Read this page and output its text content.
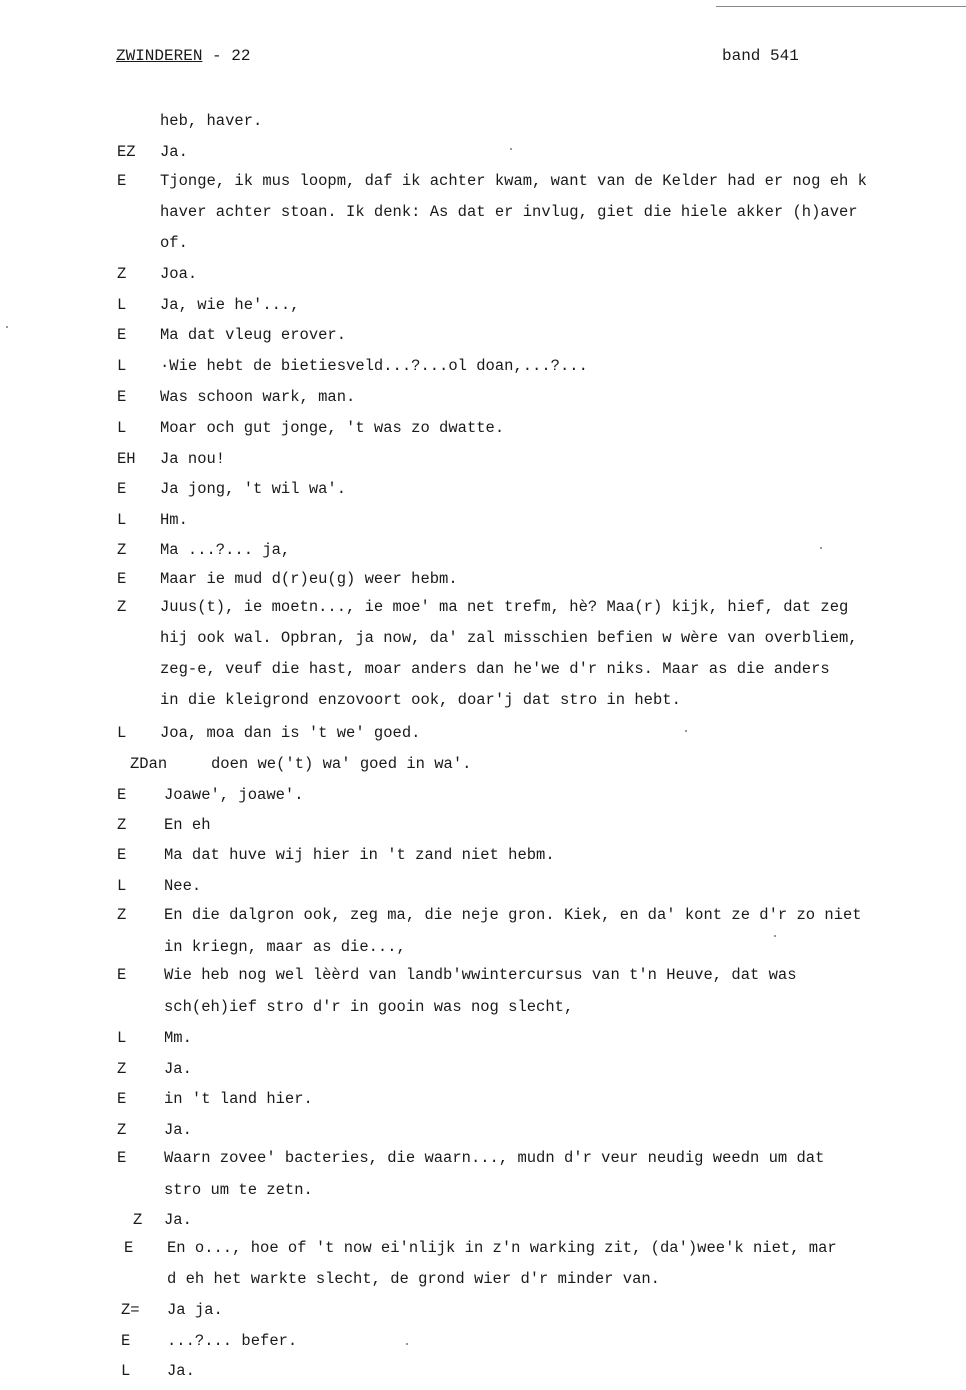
ZWINDEREN - 22	band 541
heb, haver.
EZ	Ja.
E	Tjonge, ik mus loopm, daf ik achter kwam, want van de Kelder had er nog eh k
haver achter stoan. Ik denk: As dat er invlug, giet die hiele akker (h)aver
of.
Z	Joa.
L	Ja, wie he'...,
E	Ma dat vleug erover.
L	·Wie hebt de bietiesveld...?...ol doan,...?...
E	Was schoon wark, man.
L	Moar och gut jonge, 't was zo dwatte.
EH	Ja nou!
E	Ja jong, 't wil wa'.
L	Hm.
Z	Ma ...?... ja,
E	Maar ie mud d(r)eu(g) weer hebm.
Z	Juus(t), ie moetn..., ie moe' ma net trefm, hè? Maa(r) kijk, hief, dat zeg
hij ook wal. Opbran, ja now, da' zal misschien befien w wère van overbliem,
zeg-e, veuf die hast, moar anders dan he'we d'r niks. Maar as die anders
in die kleigrond enzovoort ook, doar'j dat stro in hebt.
L	Joa, moa dan is 't we' goed.
ZDan	doen we('t) wa' goed in wa'.
E	Joawe', joawe'.
Z	En eh
E	Ma dat huve wij hier in 't zand niet hebm.
L	Nee.
Z	En die dalgron ook, zeg ma, die neje gron. Kiek, en da' kont ze d'r zo niet
in kriegn, maar as die...,
E	Wie heb nog wel lèèrd van landb'wwintercursus van t'n Heuve, dat was
sch(eh)ief stro d'r in gooin was nog slecht,
L	Mm.
Z	Ja.
E	in 't land hier.
Z	Ja.
E	Waarn zovee' bacteries, die waarn..., mudn d'r veur neudig weedn um dat
stro um te zetn.
Z	Ja.
E	En o..., hoe of 't now ei'nlijk in z'n warking zit, (da')wee'k niet, mar
d eh het warkte slecht, de grond wier d'r minder van.
Z=	Ja ja.
E	...?... befer.
L	Ja.
